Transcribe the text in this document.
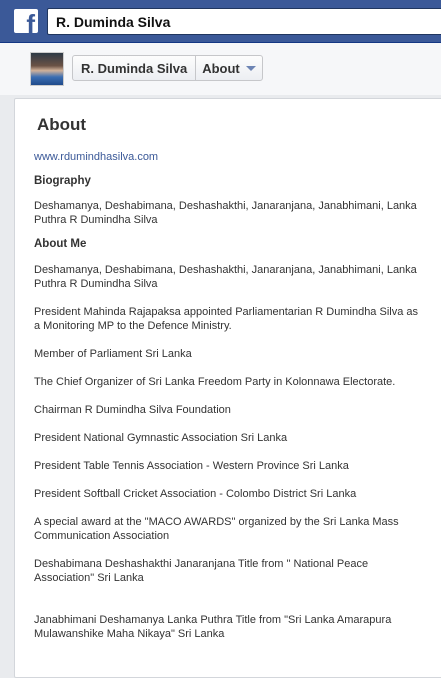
f	R. Duminda Silva
R. Duminda Silva	About
About
www.rdumindhasilva.com
Biography
Deshamanya, Deshabimana, Deshashakthi, Janaranjana, Janabhimani, Lanka Puthra R Dumindha Silva
About Me
Deshamanya, Deshabimana, Deshashakthi, Janaranjana, Janabhimani, Lanka Puthra R Dumindha Silva
President Mahinda Rajapaksa appointed Parliamentarian R Dumindha Silva as a Monitoring MP to the Defence Ministry.
Member of Parliament Sri Lanka
The Chief Organizer of Sri Lanka Freedom Party in Kolonnawa Electorate.
Chairman R Dumindha Silva Foundation
President National Gymnastic Association Sri Lanka
President Table Tennis Association - Western Province Sri Lanka
President Softball Cricket Association - Colombo District Sri Lanka
A special award at the "MACO AWARDS" organized by the Sri Lanka Mass Communication Association
Deshabimana Deshashakthi Janaranjana Title from " National Peace Association" Sri Lanka
Janabhimani Deshamanya Lanka Puthra Title from "Sri Lanka Amarapura Mulawanshike Maha Nikaya" Sri Lanka
